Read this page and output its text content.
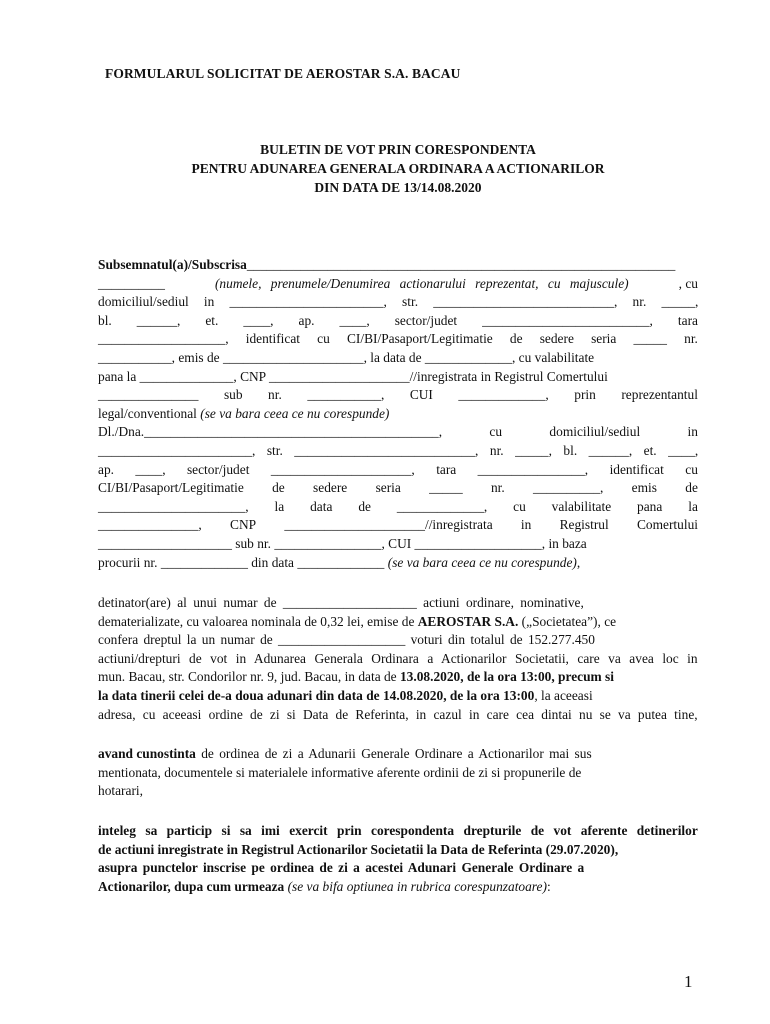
FORMULARUL SOLICITAT DE AEROSTAR S.A. BACAU
BULETIN DE VOT PRIN CORESPONDENTA
PENTRU ADUNAREA GENERALA ORDINARA A ACTIONARILOR
DIN DATA DE 13/14.08.2020
Subsemnatul(a)/Subscrisa ________________________________________________________________
__________	(numele, prenumele/Denumirea actionarului reprezentat, cu majuscule)	, cu
domiciliul/sediul in _______________________, str. ___________________________, nr. _____,
bl. ______, et. ____, ap. ____, sector/judet _________________________, tara
___________________, identificat cu CI/BI/Pasaport/Legitimatie de sedere seria _____ nr.
___________, emis de _____________________, la data de _____________, cu valabilitate
pana la ______________, CNP _____________________//inregistrata in Registrul Comertului
_______________ sub nr. ___________, CUI _____________, prin reprezentantul
legal/conventional (se va bara ceea ce nu corespunde)
Dl./Dna.____________________________________________,	cu	domiciliul/sediul	in
_______________________, str. ___________________________, nr. _____, bl. ______, et. ____,
ap. ____, sector/judet _____________________, tara ________________, identificat cu
CI/BI/Pasaport/Legitimatie de sedere seria _____ nr. __________, emis de
______________________, la data de _____________, cu valabilitate pana la
_______________, CNP _____________________//inregistrata in Registrul Comertului
____________________ sub nr. ________________, CUI ___________________, in baza
procurii nr. _____________ din data _____________ (se va bara ceea ce nu corespunde) ,
detinator(are) al unui numar de ____________________ actiuni ordinare, nominative,
dematerializate, cu valoarea nominala de 0,32 lei, emise de AEROSTAR S.A. („Societatea”), ce
confera dreptul la un numar de ___________________ voturi din totalul de 152.277.450
actiuni/drepturi de vot in Adunarea Generala Ordinara a Actionarilor Societatii, care va avea loc in
mun. Bacau, str. Condorilor nr. 9, jud. Bacau, in data de 13.08.2020, de la ora 13:00, precum si
la data tinerii celei de-a doua adunari din data de 14.08.2020, de la ora 13:00 , la aceeasi
adresa, cu aceeasi ordine de zi si Data de Referinta, in cazul in care cea dintai nu se va putea tine,
avand cunostinta de ordinea de zi a Adunarii Generale Ordinare a Actionarilor mai sus
mentionata, documentele si materialele informative aferente ordinii de zi si propunerile de
hotarari,
inteleg sa particip si sa imi exercit prin corespondenta drepturile de vot aferente detinerilor
de actiuni inregistrate in Registrul Actionarilor Societatii la Data de Referinta (29.07.2020),
asupra punctelor inscrise pe ordinea de zi a acestei Adunari Generale Ordinare a
Actionarilor, dupa cum urmeaza (se va bifa optiunea in rubrica corespunzatoare) :
1
